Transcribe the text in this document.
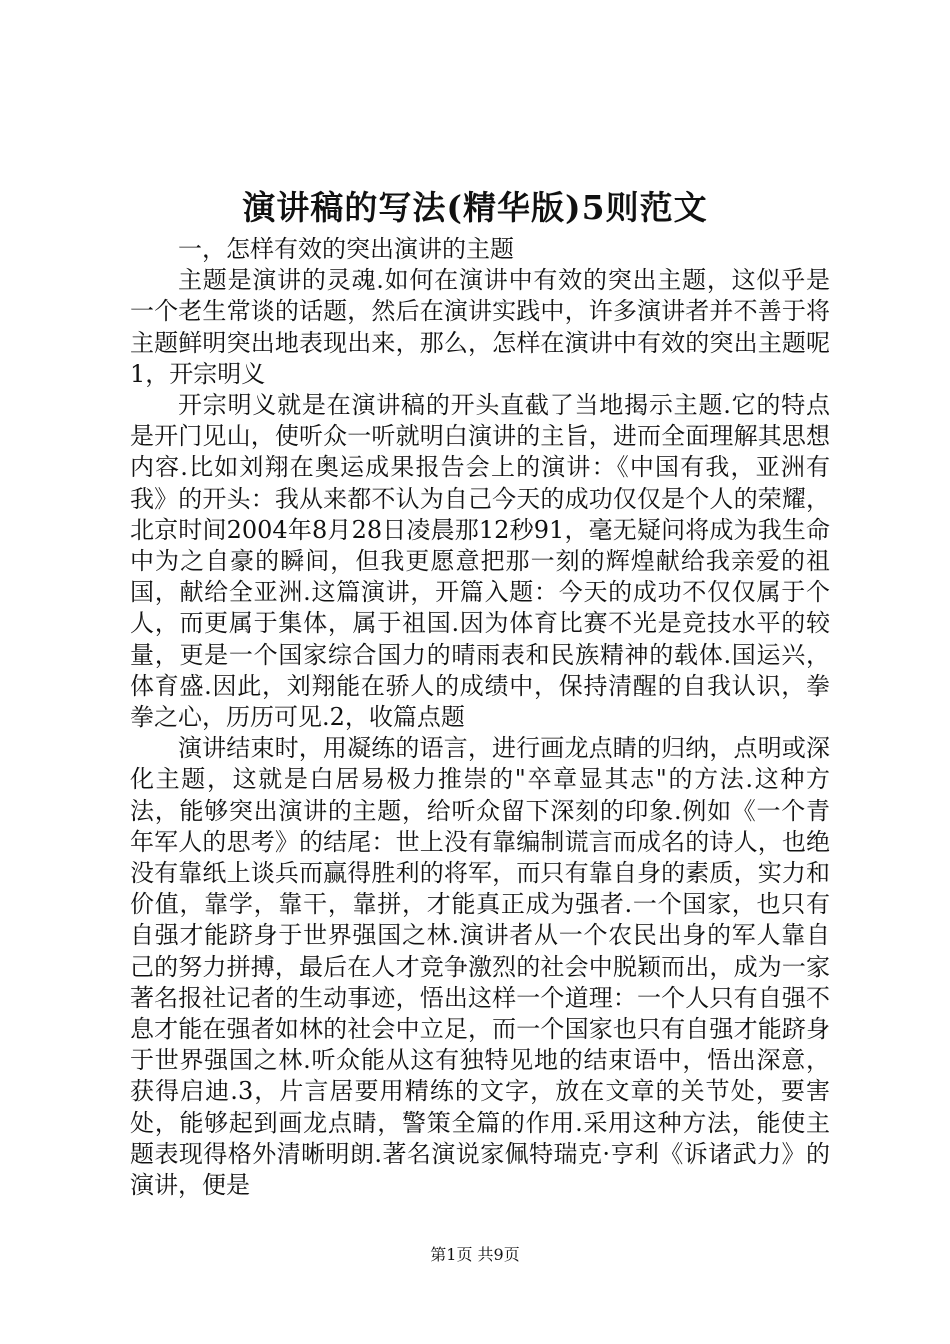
演讲稿的写法(精华版)5则范文

一，怎样有效的突出演讲的主题

主题是演讲的灵魂.如何在演讲中有效的突出主题，这似乎是一个老生常谈的话题，然后在演讲实践中，许多演讲者并不善于将主题鲜明突出地表现出来，那么，怎样在演讲中有效的突出主题呢1，开宗明义

开宗明义就是在演讲稿的开头直截了当地揭示主题.它的特点是开门见山，使听众一听就明白演讲的主旨，进而全面理解其思想内容.比如刘翔在奥运成果报告会上的演讲：《中国有我，亚洲有我》的开头：我从来都不认为自己今天的成功仅仅是个人的荣耀，北京时间2004年8月28日凌晨那12秒91，毫无疑问将成为我生命中为之自豪的瞬间，但我更愿意把那一刻的辉煌献给我亲爱的祖国，献给全亚洲.这篇演讲，开篇入题：今天的成功不仅仅属于个人，而更属于集体，属于祖国.因为体育比赛不光是竞技水平的较量，更是一个国家综合国力的晴雨表和民族精神的载体.国运兴，体育盛.因此，刘翔能在骄人的成绩中，保持清醒的自我认识，拳拳之心，历历可见.2，收篇点题

演讲结束时，用凝练的语言，进行画龙点睛的归纳，点明或深化主题，这就是白居易极力推崇的"卒章显其志"的方法.这种方法，能够突出演讲的主题，给听众留下深刻的印象.例如《一个青年军人的思考》的结尾：世上没有靠编制谎言而成名的诗人，也绝没有靠纸上谈兵而赢得胜利的将军，而只有靠自身的素质，实力和价值，靠学，靠干，靠拼，才能真正成为强者.一个国家，也只有自强才能跻身于世界强国之林.演讲者从一个农民出身的军人靠自己的努力拼搏，最后在人才竞争激烈的社会中脱颖而出，成为一家著名报社记者的生动事迹，悟出这样一个道理：一个人只有自强不息才能在强者如林的社会中立足，而一个国家也只有自强才能跻身于世界强国之林.听众能从这有独特见地的结束语中，悟出深意，获得启迪.3，片言居要用精练的文字，放在文章的关节处，要害处，能够起到画龙点睛，警策全篇的作用.采用这种方法，能使主题表现得格外清晰明朗.著名演说家佩特瑞克·亨利《诉诸武力》的演讲，便是

第1页 共9页
